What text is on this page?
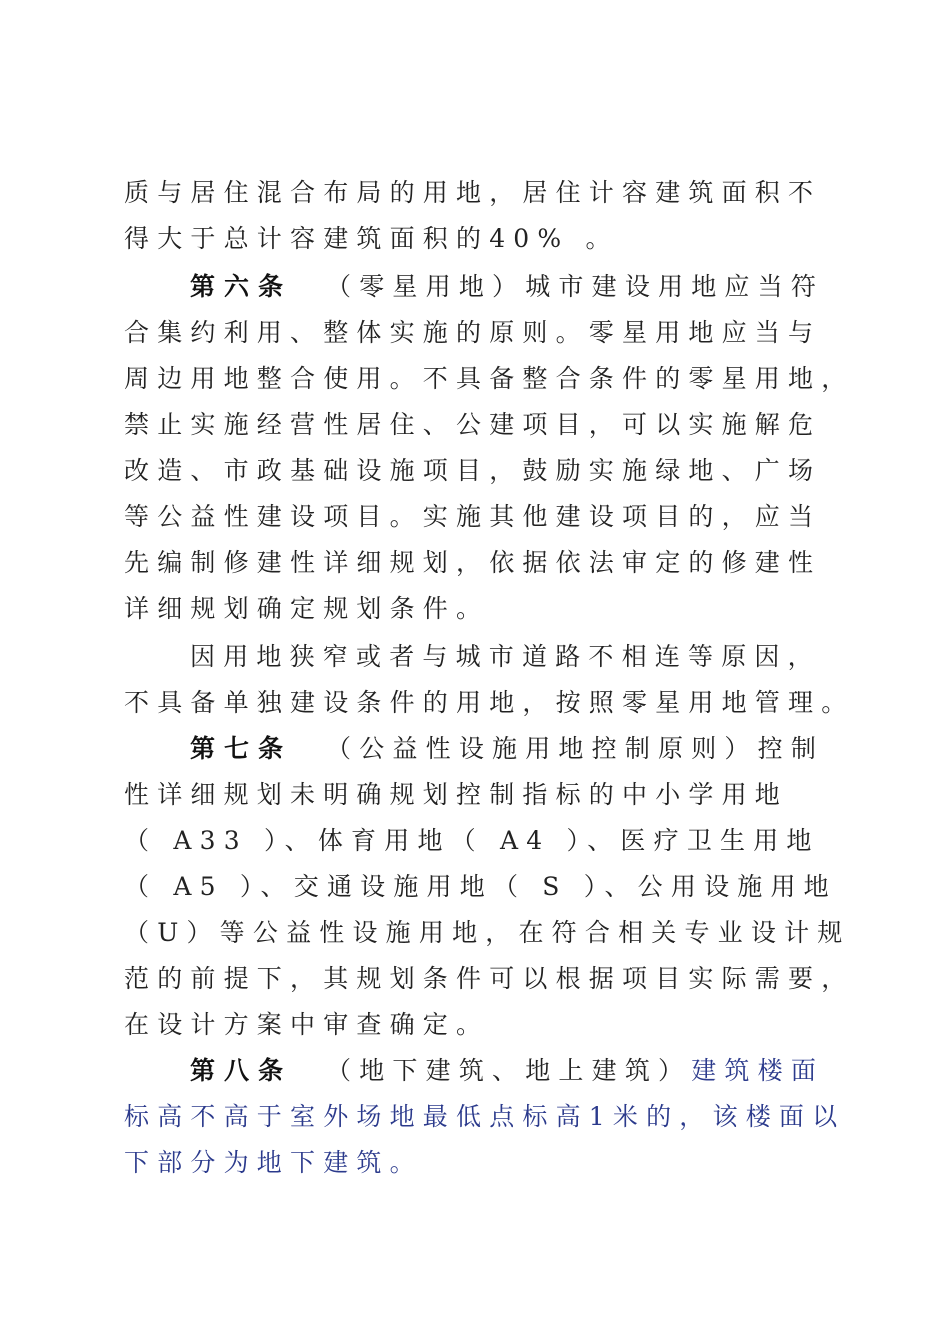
质与居住混合布局的用地，居住计容建筑面积不
得大于总计容建筑面积的40% 。
第六条 （零星用地）城市建设用地应当符
合集约利用、整体实施的原则。零星用地应当与
周边用地整合使用。不具备整合条件的零星用地，
禁止实施经营性居住、公建项目，可以实施解危
改造、市政基础设施项目，鼓励实施绿地、广场
等公益性建设项目。实施其他建设项目的，应当
先编制修建性详细规划，依据依法审定的修建性
详细规划确定规划条件。
因用地狭窄或者与城市道路不相连等原因，
不具备单独建设条件的用地，按照零星用地管理。
第七条 （公益性设施用地控制原则）控制
性详细规划未明确规划控制指标的中小学用地
（ A33 ）、体育用地（ A4 ）、医疗卫生用地
（ A5 ）、交通设施用地（ S ）、公用设施用地
（U）等公益性设施用地，在符合相关专业设计规
范的前提下，其规划条件可以根据项目实际需要，
在设计方案中审查确定。
第八条 （地下建筑、地上建筑）建筑楼面
标高不高于室外场地最低点标高1米的，该楼面以
下部分为地下建筑。
